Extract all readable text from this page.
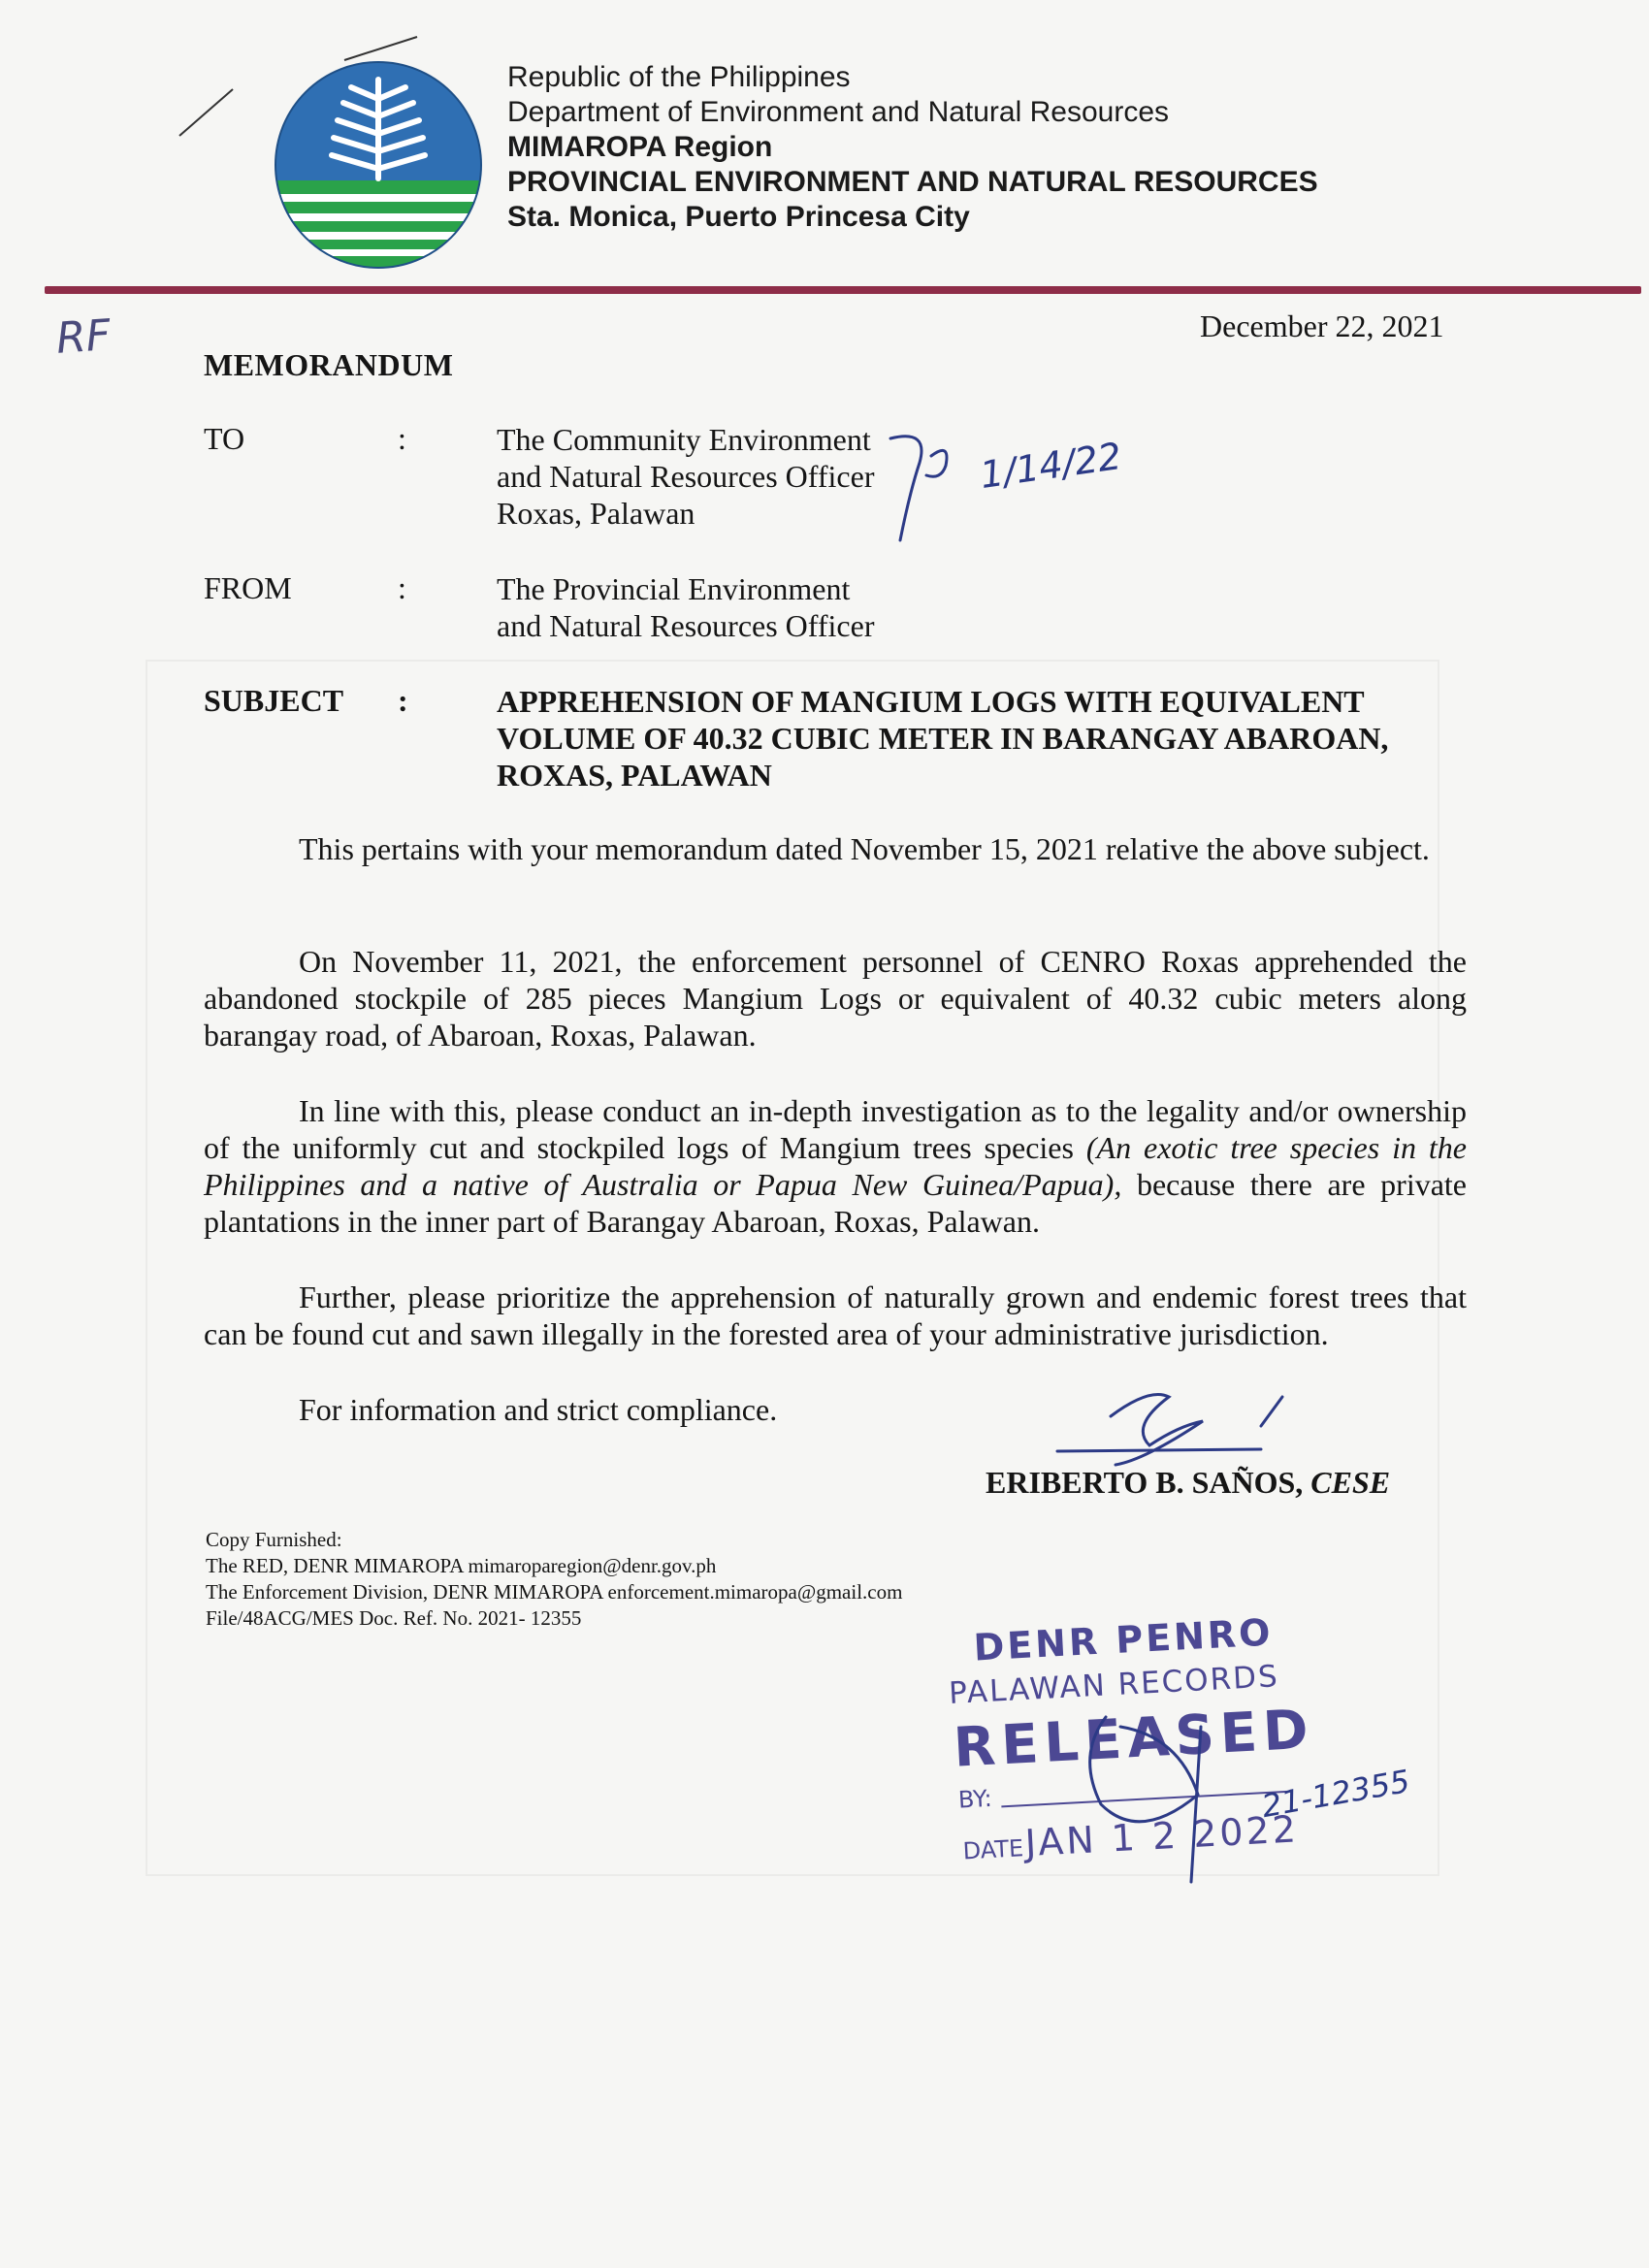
Republic of the Philippines
Department of Environment and Natural Resources
MIMAROPA Region
PROVINCIAL ENVIRONMENT AND NATURAL RESOURCES
Sta. Monica, Puerto Princesa City
RF	December 22, 2021
MEMORANDUM
TO	:	The Community Environment
and Natural Resources Officer
Roxas, Palawan
FROM	:	The Provincial Environment
and Natural Resources Officer
SUBJECT :	APPREHENSION OF MANGIUM LOGS WITH EQUIVALENT
VOLUME OF 40.32 CUBIC METER IN BARANGAY ABAROAN,
ROXAS, PALAWAN
This pertains with your memorandum dated November 15, 2021 relative the above subject.
On November 11, 2021, the enforcement personnel of CENRO Roxas apprehended the abandoned stockpile of 285 pieces Mangium Logs or equivalent of 40.32 cubic meters along barangay road, of Abaroan, Roxas, Palawan.
In line with this, please conduct an in-depth investigation as to the legality and/or ownership of the uniformly cut and stockpiled logs of Mangium trees species (An exotic tree species in the Philippines and a native of Australia or Papua New Guinea/Papua), because there are private plantations in the inner part of Barangay Abaroan, Roxas, Palawan.
Further, please prioritize the apprehension of naturally grown and endemic forest trees that can be found cut and sawn illegally in the forested area of your administrative jurisdiction.
For information and strict compliance.
ERIBERTO B. SAÑOS, CESE
Copy Furnished:
The RED, DENR MIMAROPA mimaroparegion@denr.gov.ph
The Enforcement Division, DENR MIMAROPA enforcement.mimaropa@gmail.com
File/48ACG/MES Doc. Ref. No. 2021- 12355	DENR PENRO
PALAWAN RECORDS
RELEASED
BY:
DATEJAN 1 2 2022
1/14/22
21-12355
